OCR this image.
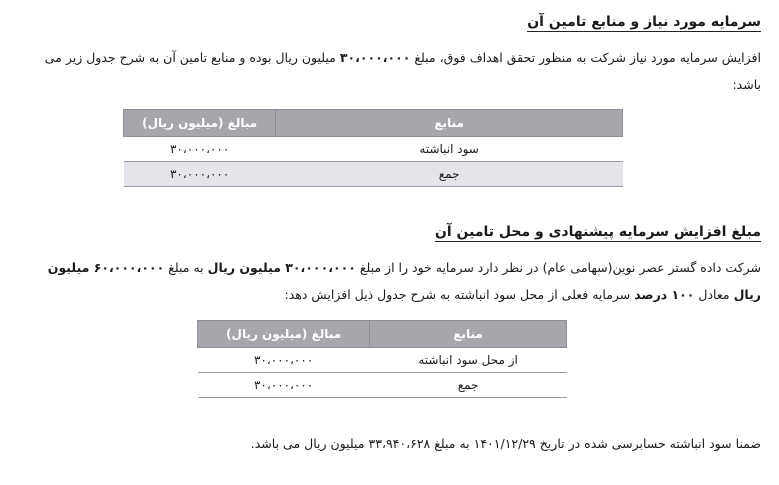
سرمایه مورد نیاز و منابع تامین آن
افزایش سرمایه مورد نیاز شرکت به منظور تحقق اهداف فوق، مبلغ ۳۰،۰۰۰،۰۰۰ میلیون ریال بوده و منابع تامین آن به شرح جدول زیر می باشد:
منابع	مبالغ (میلیون ریال)
سود انباشته	۳۰،۰۰۰،۰۰۰
جمع	۳۰،۰۰۰،۰۰۰
مبلغ افزایش سرمایه پیشنهادی و محل تامین آن
شرکت داده گستر عصر نوین(سهامی عام) در نظر دارد سرمایه خود را از مبلغ ۳۰،۰۰۰،۰۰۰ میلیون ریال به مبلغ ۶۰،۰۰۰،۰۰۰ میلیون ریال معادل ۱۰۰ درصد سرمایه فعلی از محل سود انباشته به شرح جدول ذیل افزایش دهد:
منابع	مبالغ (میلیون ریال)
از محل سود انباشته	۳۰،۰۰۰،۰۰۰
جمع	۳۰،۰۰۰،۰۰۰
ضمنا سود انباشته حسابرسی شده در تاریخ ۱۴۰۱/۱۲/۲۹ به مبلغ ۳۳،۹۴۰،۶۲۸ میلیون ریال می باشد.
